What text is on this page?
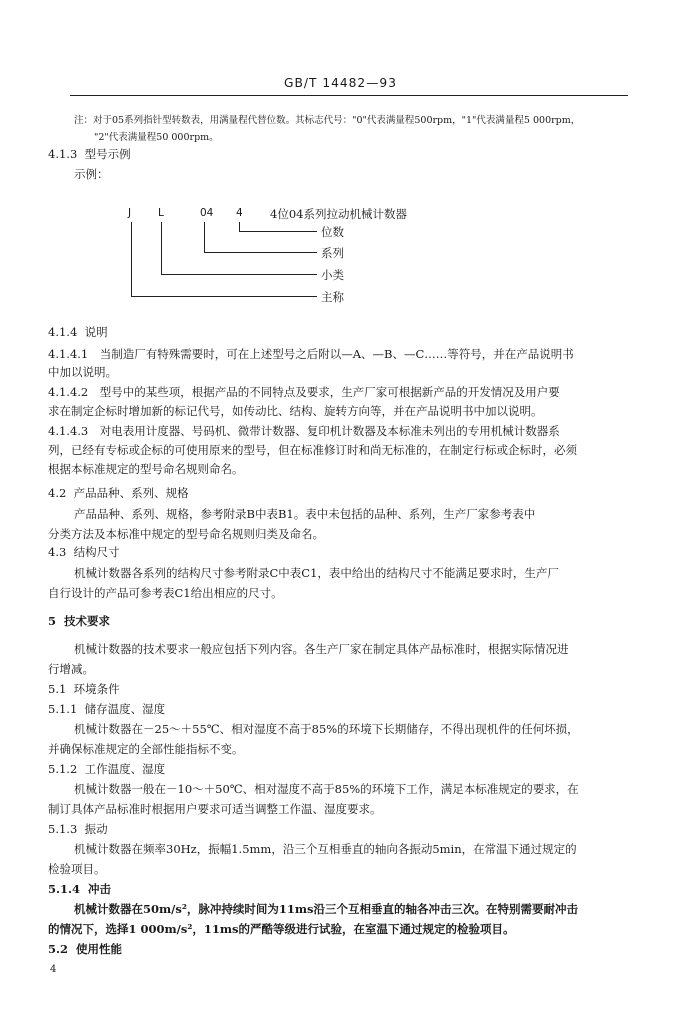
GB/T 14482—93
注：对于05系列指针型转数表，用满量程代替位数。其标志代号："0"代表满量程500rpm，"1"代表满量程5 000rpm，
"2"代表满量程50 000rpm。
4.1.3 型号示例
示例：
J	L	04 4 4位04系列拉动机械计数器
位数
系列
小类
主称
4.1.4 说明
4.1.4.1　当制造厂有特殊需要时，可在上述型号之后附以—A、—B、—C……等符号，并在产品说明书
中加以说明。
4.1.4.2　型号中的某些项，根据产品的不同特点及要求，生产厂家可根据新产品的开发情况及用户要
求在制定企标时增加新的标记代号，如传动比、结构、旋转方向等，并在产品说明书中加以说明。
4.1.4.3　对电表用计度器、号码机、微带计数器、复印机计数器及本标准未列出的专用机械计数器系
列，已经有专标或企标的可使用原来的型号，但在标准修订时和尚无标准的，在制定行标或企标时，必须
根据本标准规定的型号命名规则命名。
4.2 产品品种、系列、规格
产品品种、系列、规格，参考附录B中表B1。表中未包括的品种、系列，生产厂家参考表中
分类方法及本标准中规定的型号命名规则归类及命名。
4.3 结构尺寸
机械计数器各系列的结构尺寸参考附录C中表C1，表中给出的结构尺寸不能满足要求时，生产厂
自行设计的产品可参考表C1给出相应的尺寸。
5 技术要求
机械计数器的技术要求一般应包括下列内容。各生产厂家在制定具体产品标准时，根据实际情况进
行增减。
5.1 环境条件
5.1.1 储存温度、湿度
机械计数器在－25～＋55℃、相对湿度不高于85%的环境下长期储存，不得出现机件的任何坏损，
并确保标准规定的全部性能指标不变。
5.1.2 工作温度、湿度
机械计数器一般在－10～＋50℃、相对湿度不高于85%的环境下工作，满足本标准规定的要求，在
制订具体产品标准时根据用户要求可适当调整工作温、湿度要求。
5.1.3 振动
机械计数器在频率30Hz，振幅1.5mm，沿三个互相垂直的轴向各振动5min，在常温下通过规定的
检验项目。
5.1.4 冲击
机械计数器在50m/s²，脉冲持续时间为11ms沿三个互相垂直的轴各冲击三次。在特别需要耐冲击
的情况下，选择1 000m/s²，11ms的严酷等级进行试验，在室温下通过规定的检验项目。
5.2 使用性能
4
